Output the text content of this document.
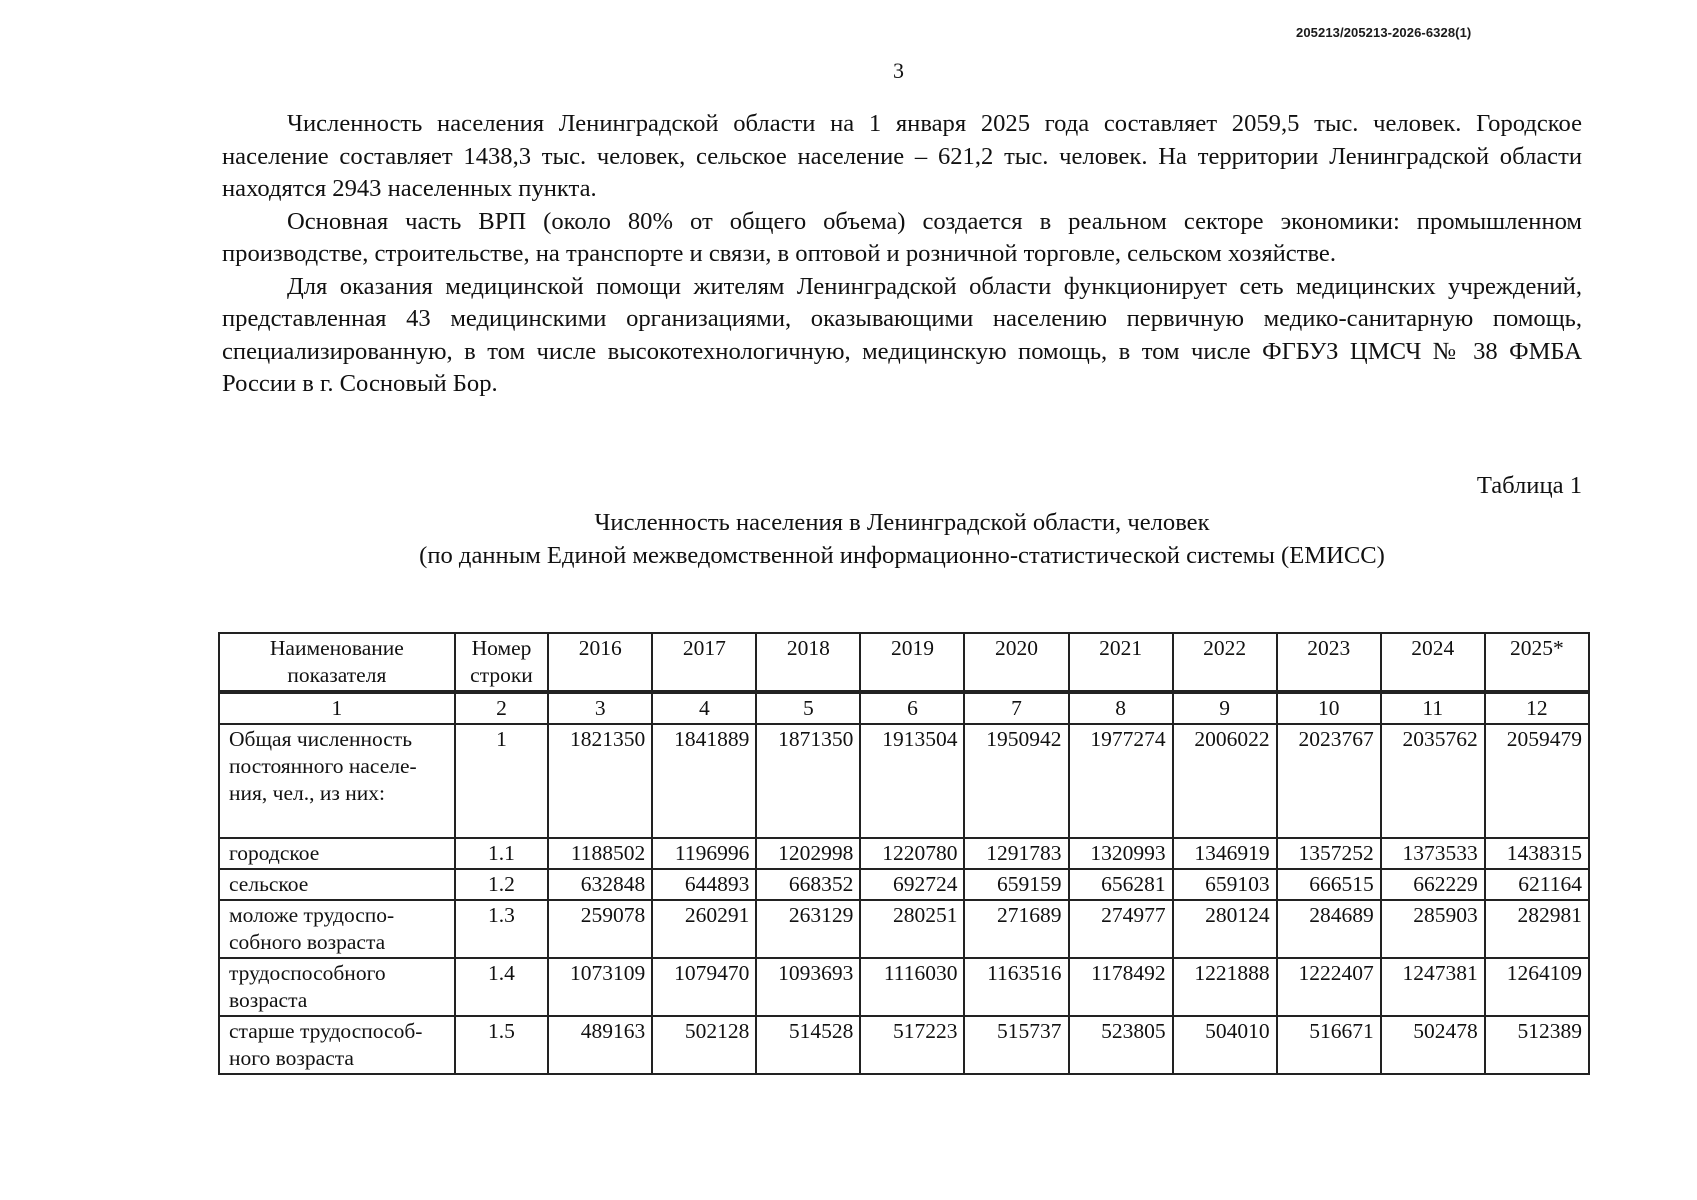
205213/205213-2026-6328(1)
3

Численность населения Ленинградской области на 1 января 2025 года составляет 2059,5 тыс. человек. Городское население составляет 1438,3 тыс. человек, сельское население – 621,2 тыс. человек. На территории Ленинградской области находятся 2943 населенных пункта.

Основная часть ВРП (около 80% от общего объема) создается в реальном секторе экономики: промышленном производстве, строительстве, на транспорте и связи, в оптовой и розничной торговле, сельском хозяйстве.

Для оказания медицинской помощи жителям Ленинградской области функционирует сеть медицинских учреждений, представленная 43 медицинскими организациями, оказывающими населению первичную медико-санитарную помощь, специализированную, в том числе высокотехнологичную, медицинскую помощь, в том числе ФГБУЗ ЦМСЧ № 38 ФМБА России в г. Сосновый Бор.

Таблица 1
Численность населения в Ленинградской области, человек
(по данным Единой межведомственной информационно-статистической системы (ЕМИСС)
Наименование показателя	Номер строки	2016	2017	2018	2019	2020	2021	2022	2023	2024	2025*
1	2	3	4	5	6	7	8	9	10	11	12
Общая численность постоянного населе-ния, чел., из них:	1	1821350	1841889	1871350	1913504	1950942	1977274	2006022	2023767	2035762	2059479
городское	1.1	1188502	1196996	1202998	1220780	1291783	1320993	1346919	1357252	1373533	1438315
сельское	1.2	632848	644893	668352	692724	659159	656281	659103	666515	662229	621164
моложе трудоспо-собного возраста	1.3	259078	260291	263129	280251	271689	274977	280124	284689	285903	282981
трудоспособного возраста	1.4	1073109	1079470	1093693	1116030	1163516	1178492	1221888	1222407	1247381	1264109
старше трудоспособ-ного возраста	1.5	489163	502128	514528	517223	515737	523805	504010	516671	502478	512389
